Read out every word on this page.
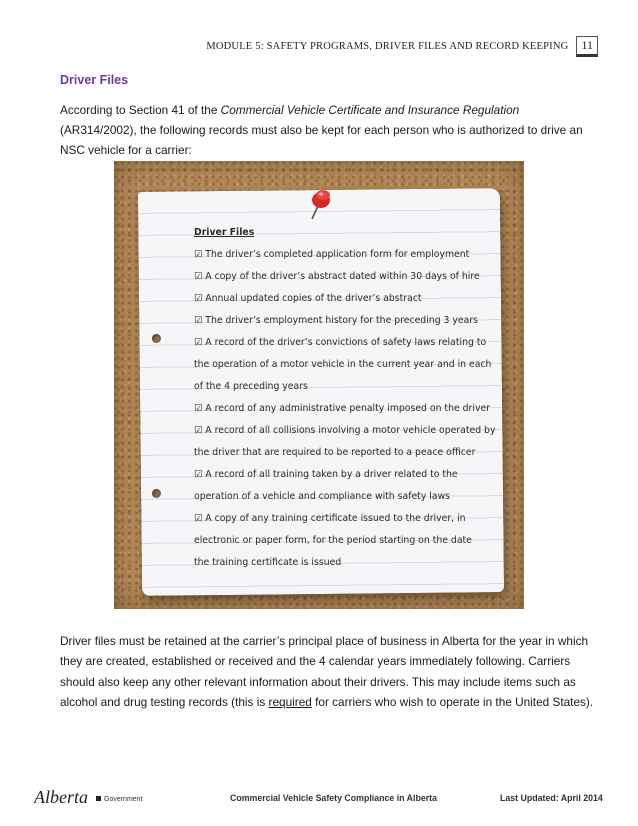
MODULE 5: SAFETY PROGRAMS, DRIVER FILES AND RECORD KEEPING	11
Driver Files
According to Section 41 of the Commercial Vehicle Certificate and Insurance Regulation (AR314/2002), the following records must also be kept for each person who is authorized to drive an NSC vehicle for a carrier:
Driver Files
☑ The driver’s completed application form for employment
☑ A copy of the driver’s abstract dated within 30 days of hire
☑ Annual updated copies of the driver’s abstract
☑ The driver’s employment history for the preceding 3 years
☑ A record of the driver’s convictions of safety laws relating to
the operation of a motor vehicle in the current year and in each
of the 4 preceding years
☑ A record of any administrative penalty imposed on the driver
☑ A record of all collisions involving a motor vehicle operated by
the driver that are required to be reported to a peace officer
☑ A record of all training taken by a driver related to the
operation of a vehicle and compliance with safety laws
☑ A copy of any training certificate issued to the driver, in
electronic or paper form, for the period starting on the date
the training certificate is issued
Driver files must be retained at the carrier’s principal place of business in Alberta for the year in which they are created, established or received and the 4 calendar years immediately following. Carriers should also keep any other relevant information about their drivers. This may include items such as alcohol and drug testing records (this is required for carriers who wish to operate in the United States).
Alberta Government	Commercial Vehicle Safety Compliance in Alberta	Last Updated: April 2014
